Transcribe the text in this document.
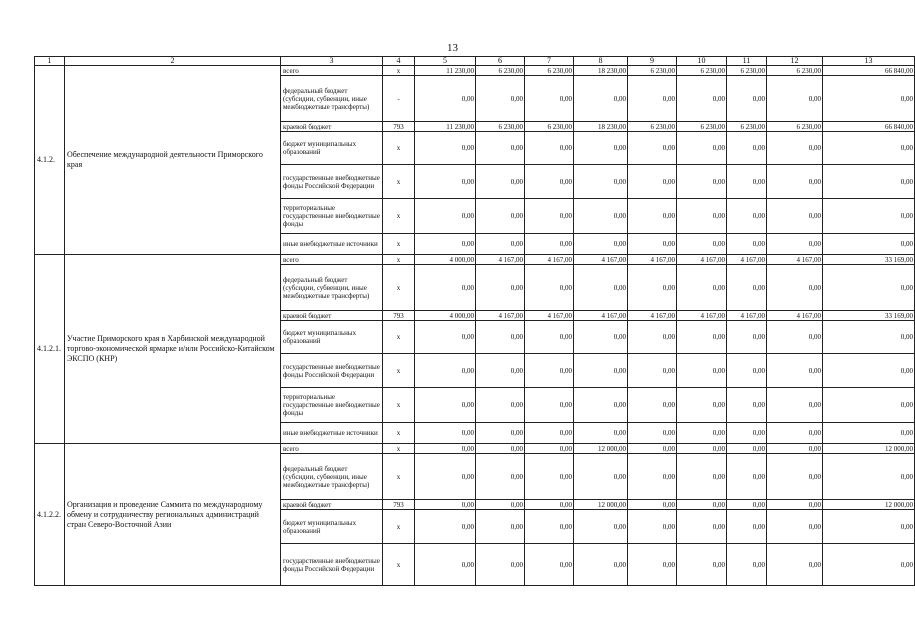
13
1	2	3	4	5	6	7	8	9	10	11	12	13
4.1.2.	Обеспечение международной деятельности Приморского края	всего	x	11 230,00	6 230,00	6 230,00	18 230,00	6 230,00	6 230,00	6 230,00	6 230,00	66 840,00
		федеральный бюджет (субсидии, субвенции, иные межбюджетные трансферты)	-	0,00	0,00	0,00	0,00	0,00	0,00	0,00	0,00	0,00
		краевой бюджет	793	11 230,00	6 230,00	6 230,00	18 230,00	6 230,00	6 230,00	6 230,00	6 230,00	66 840,00
		бюджет муниципальных образований	x	0,00	0,00	0,00	0,00	0,00	0,00	0,00	0,00	0,00
		государственные внебюджетные фонды Российской Федерации	x	0,00	0,00	0,00	0,00	0,00	0,00	0,00	0,00	0,00
		территориальные государственные внебюджетные фонды	x	0,00	0,00	0,00	0,00	0,00	0,00	0,00	0,00	0,00
		иные внебюджетные источники	x	0,00	0,00	0,00	0,00	0,00	0,00	0,00	0,00	0,00
4.1.2.1.	Участие Приморского края в Харбинской международной торгово-экономической ярмарке и/или Российско-Китайском ЭКСПО (КНР)	всего	x	4 000,00	4 167,00	4 167,00	4 167,00	4 167,00	4 167,00	4 167,00	4 167,00	33 169,00
		федеральный бюджет (субсидии, субвенции, иные межбюджетные трансферты)	x	0,00	0,00	0,00	0,00	0,00	0,00	0,00	0,00	0,00
		краевой бюджет	793	4 000,00	4 167,00	4 167,00	4 167,00	4 167,00	4 167,00	4 167,00	4 167,00	33 169,00
		бюджет муниципальных образований	x	0,00	0,00	0,00	0,00	0,00	0,00	0,00	0,00	0,00
		государственные внебюджетные фонды Российской Федерации	x	0,00	0,00	0,00	0,00	0,00	0,00	0,00	0,00	0,00
		территориальные государственные внебюджетные фонды	x	0,00	0,00	0,00	0,00	0,00	0,00	0,00	0,00	0,00
		иные внебюджетные источники	x	0,00	0,00	0,00	0,00	0,00	0,00	0,00	0,00	0,00
4.1.2.2.	Организация и проведение Саммита по международному обмену и сотрудничеству региональных администраций стран Северо-Восточной Азии	всего	x	0,00	0,00	0,00	12 000,00	0,00	0,00	0,00	0,00	12 000,00
		федеральный бюджет (субсидии, субвенции, иные межбюджетные трансферты)	x	0,00	0,00	0,00	0,00	0,00	0,00	0,00	0,00	0,00
		краевой бюджет	793	0,00	0,00	0,00	12 000,00	0,00	0,00	0,00	0,00	12 000,00
		бюджет муниципальных образований	x	0,00	0,00	0,00	0,00	0,00	0,00	0,00	0,00	0,00
		государственные внебюджетные фонды Российской Федерации	x	0,00	0,00	0,00	0,00	0,00	0,00	0,00	0,00	0,00
